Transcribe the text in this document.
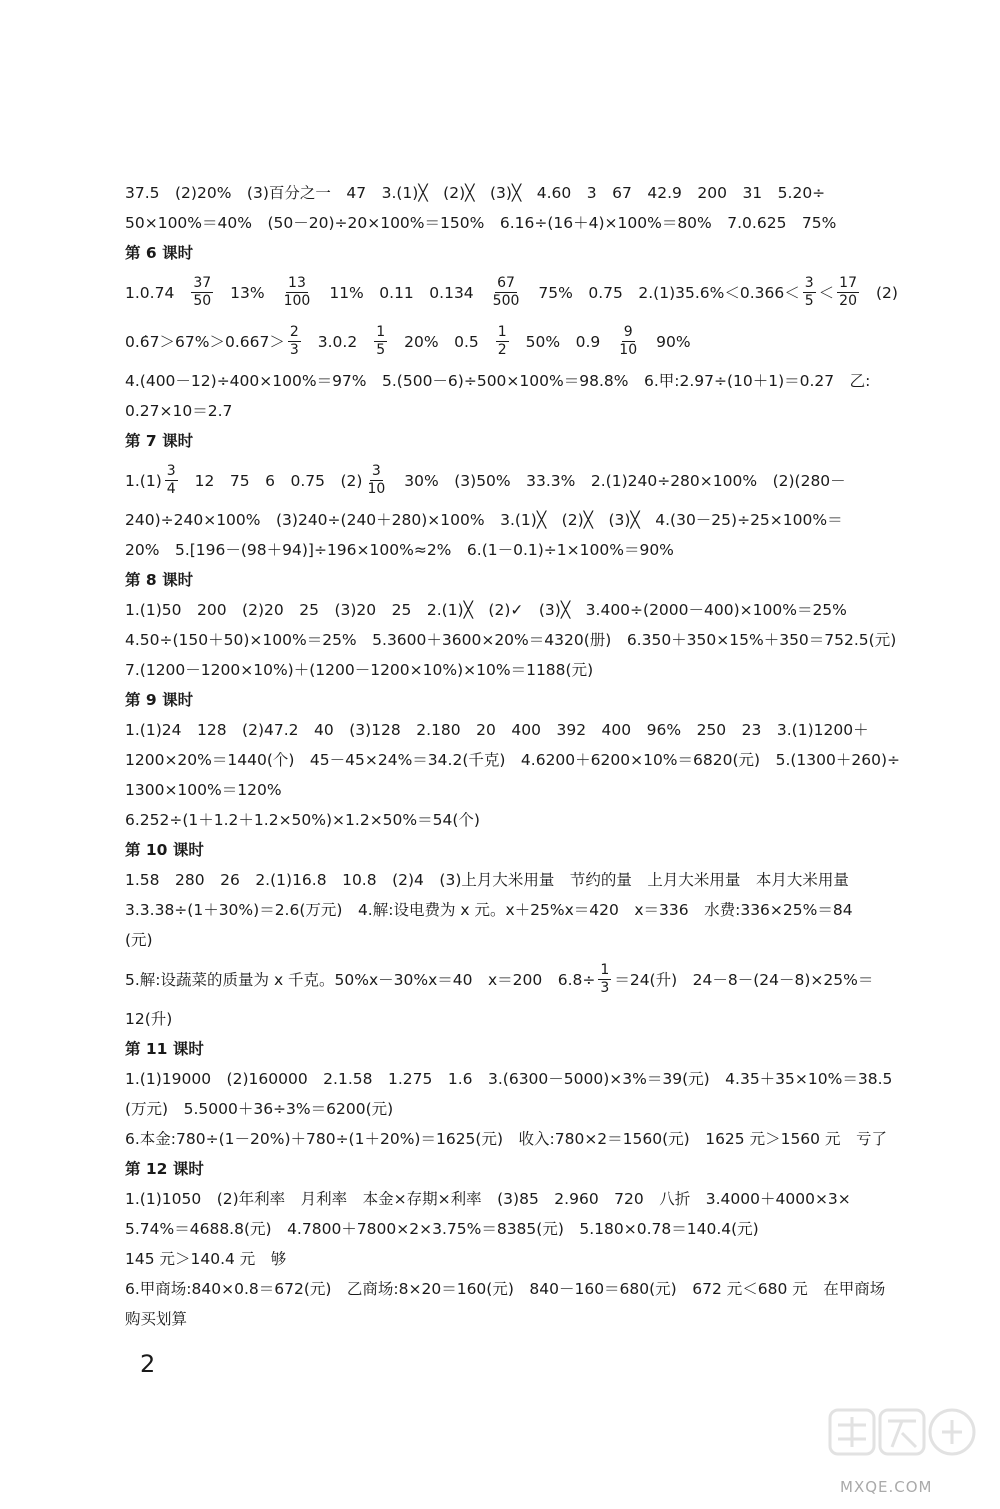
37.5　(2)20%　(3)百分之一　47　3.(1)╳　(2)╳　(3)╳　4.60　3　67　42.9　200　31　5.20÷
50×100%＝40%　(50－20)÷20×100%＝150%　6.16÷(16＋4)×100%＝80%　7.0.625　75%
第 6 课时
$1.0.74 \frac{37}{50} 13\% \frac{13}{100} 11\%$　0.11　$0.134 \frac{67}{500} 75\%$　0.75　$2.(1)35.6\%<0.366< \frac{3}{5} < \frac{17}{20} (2)$
0.6̇7＞67%＞0.667＞ $\frac{2}{3} 3.0.2 \frac{1}{5} 20\%$　$0.5 \frac{1}{2} 50\%$　$0.9 \frac{9}{10} 90\%$
4.(400－12)÷400×100%＝97%　5.(500－6)÷500×100%＝98.8%　6.甲:2.97÷(10＋1)＝0.27　乙:
0.27×10＝2.7
第 7 课时
$1.(1) \frac{3}{4} 12$　75　6　0.75　$(2) \frac{3}{10} 30\%$　(3)50%　33.3%　2.(1)240÷280×100%　(2)(280－
240)÷240×100%　(3)240÷(240＋280)×100%　3.(1)╳　(2)╳　(3)╳　4.(30－25)÷25×100%＝
20%　5.[196－(98＋94)]÷196×100%≈2%　6.(1－0.1)÷1×100%＝90%
第 8 课时
1.(1)50　200　(2)20　25　(3)20　25　2.(1)╳　(2)✓　(3)╳　3.400÷(2000－400)×100%＝25%
4.50÷(150＋50)×100%＝25%　5.3600＋3600×20%＝4320(册)　6.350＋350×15%＋350＝752.5(元)
7.(1200－1200×10%)＋(1200－1200×10%)×10%＝1188(元)
第 9 课时
1.(1)24　128　(2)47.2　40　(3)128　2.180　20　400　392　400　96%　250　23　3.(1)1200＋
1200×20%＝1440(个)　45－45×24%＝34.2(千克)　4.6200＋6200×10%＝6820(元)　5.(1300＋260)÷
1300×100%＝120%
6.252÷(1＋1.2＋1.2×50%)×1.2×50%＝54(个)
第 10 课时
1.58　280　26　2.(1)16.8　10.8　(2)4　(3)上月大米用量　节约的量　上月大米用量　本月大米用量
3.3.38÷(1＋30%)＝2.6(万元)　4.解:设电费为 x 元。x＋25%x＝420　x＝336　水费:336×25%＝84
(元)
5.解:设蔬菜的质量为 x 千克。50%x－30%x＝40　x＝200　$6.8\div \frac{1}{3} =24$(升)　24－8－(24－8)×25%＝
12(升)
第 11 课时
1.(1)19000　(2)160000　2.1.58　1.275　1.6　3.(6300－5000)×3%＝39(元)　4.35＋35×10%＝38.5
(万元)　5.5000＋36÷3%＝6200(元)
6.本金:780÷(1－20%)＋780÷(1＋20%)＝1625(元)　收入:780×2＝1560(元)　1625 元＞1560 元　亏了
第 12 课时
1.(1)1050　(2)年利率　月利率　本金×存期×利率　(3)85　2.960　720　八折　3.4000＋4000×3×
5.74%＝4688.8(元)　4.7800＋7800×2×3.75%＝8385(元)　5.180×0.78＝140.4(元)
145 元＞140.4 元　够
6.甲商场:840×0.8＝672(元)　乙商场:8×20＝160(元)　840－160＝680(元)　672 元＜680 元　在甲商场
购买划算
2
MXQE.COM
